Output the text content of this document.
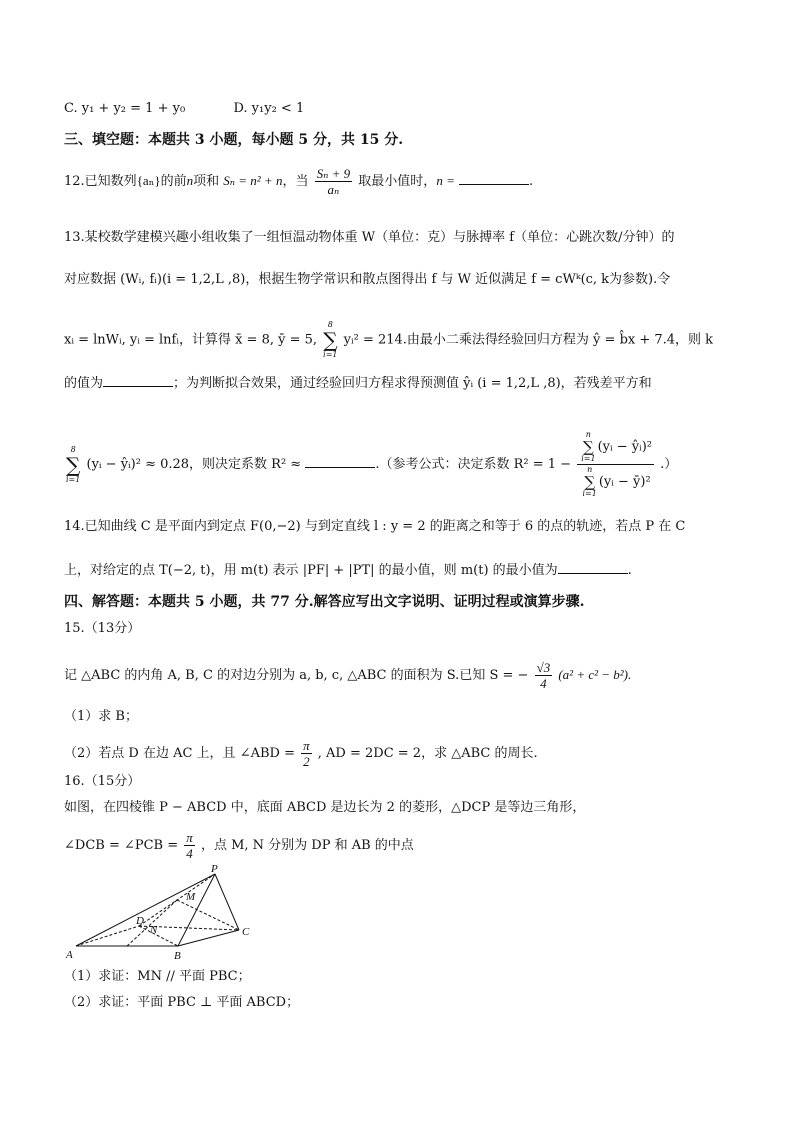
C. y₁ + y₂ = 1 + y₀	D. y₁y₂ < 1
三、填空题：本题共 3 小题，每小题 5 分，共 15 分.
12.已知数列{aₙ}的前n项和 Sₙ = n² + n，当 $\frac{\text{Sₙ + 9}}{\text{aₙ}}$ 取最小值时，n =	.
13.某校数学建模兴趣小组收集了一组恒温动物体重 W（单位：克）与脉搏率 f（单位：心跳次数/分钟）的
对应数据 (Wᵢ, fᵢ)(i = 1,2,L ,8)，根据生物学常识和散点图得出 f 与 W 近似满足 f = cWᵏ(c, k为参数).令
xᵢ = lnWᵢ, yᵢ = lnfᵢ，计算得 x̄ = 8, ȳ = 5,
8
∑
i=1
yᵢ² = 214.由最小二乘法得经验回归方程为 ŷ = b̂x + 7.4，则 k
的值为	；为判断拟合效果，通过经验回归方程求得预测值 ŷᵢ (i = 1,2,L ,8)，若残差平方和
8
∑
i=1
(yᵢ − ŷᵢ)² ≈ 0.28，则决定系数 R² ≈	.（参考公式：决定系数 R² = 1 − n
∑
i=1
(yᵢ − ŷᵢ)²
n
∑
i=1
(yᵢ − ȳ)² .）
14.已知曲线 C 是平面内到定点 F(0,−2) 与到定直线 l : y = 2 的距离之和等于 6 的点的轨迹，若点 P 在 C
上，对给定的点 T(−2, t)，用 m(t) 表示 |PF| + |PT| 的最小值，则 m(t) 的最小值为	.
四、解答题：本题共 5 小题，共 77 分.解答应写出文字说明、证明过程或演算步骤.
15.（13分）
记 △ABC 的内角 A, B, C 的对边分别为 a, b, c, △ABC 的面积为 S.已知 S = − $\frac{√3}{4} (a^2 + c^2 - b^2)$.
（1）求 B；
（2）若点 D 在边 AC 上，且 ∠ABD = $\frac{\pi}{2}$ , AD = 2DC = 2，求 △ABC 的周长.
16.（15分）
如图，在四棱锥 P − ABCD 中，底面 ABCD 是边长为 2 的菱形，△DCP 是等边三角形，
∠DCB = ∠PCB = $\frac{\pi}{4}$ ，点 M, N 分别为 DP 和 AB 的中点
P
M
D
N	C
A	B
（1）求证：MN // 平面 PBC；
（2）求证：平面 PBC ⊥ 平面 ABCD；
